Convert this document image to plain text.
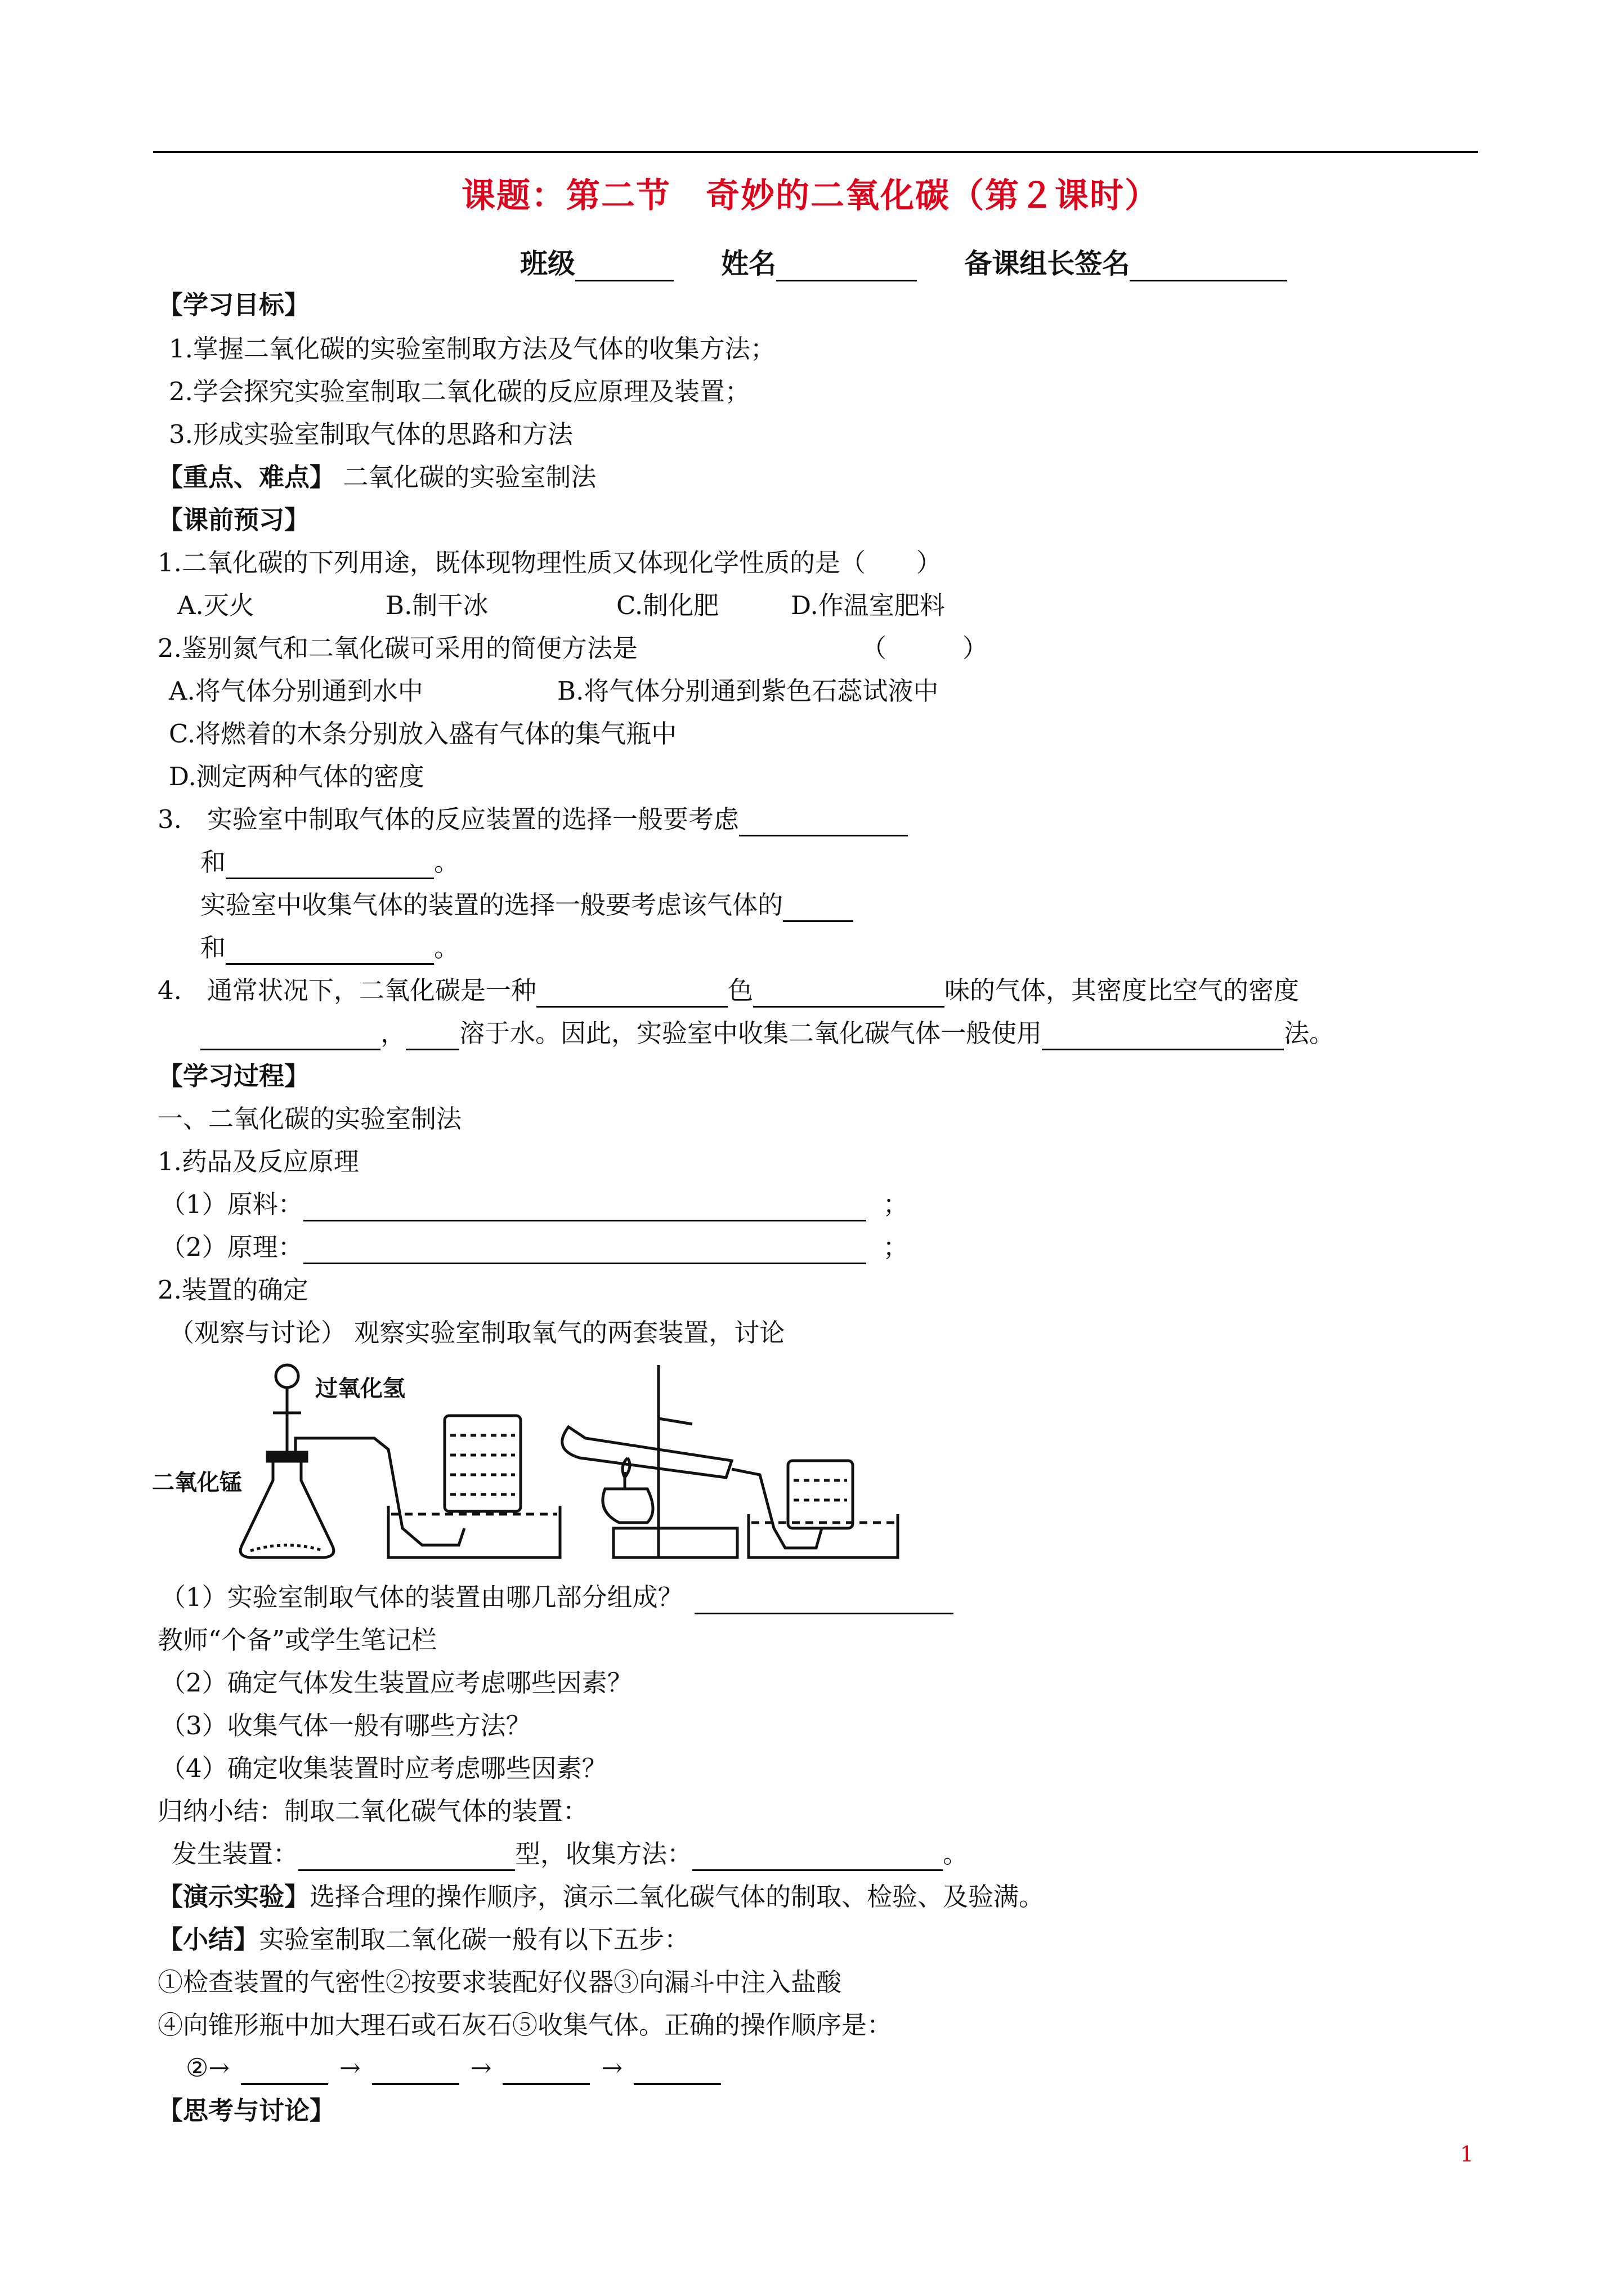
课题：第二节　奇妙的二氧化碳（第２课时）
班级	姓名	备课组长签名
【学习目标】
1.掌握二氧化碳的实验室制取方法及气体的收集方法；
2.学会探究实验室制取二氧化碳的反应原理及装置；
3.形成实验室制取气体的思路和方法
【重点、难点】 二氧化碳的实验室制法
【课前预习】
1.二氧化碳的下列用途，既体现物理性质又体现化学性质的是（　　）
A.灭火	B.制干冰	C.制化肥	D.作温室肥料
2.鉴别氮气和二氧化碳可采用的简便方法是	（　　　）
A.将气体分别通到水中	B.将气体分别通到紫色石蕊试液中
C.将燃着的木条分别放入盛有气体的集气瓶中
D.测定两种气体的密度
3.　实验室中制取气体的反应装置的选择一般要考虑
和	。
实验室中收集气体的装置的选择一般要考虑该气体的
和	。
4.　通常状况下，二氧化碳是一种	色	味的气体，其密度比空气的密度
， 溶于水。因此，实验室中收集二氧化碳气体一般使用	法。
【学习过程】
一、二氧化碳的实验室制法
1.药品及反应原理
（1）原料：	；
（2）原理：	；
2.装置的确定
（观察与讨论） 观察实验室制取氧气的两套装置，讨论
过氧化氢
二氧化锰
（1）实验室制取气体的装置由哪几部分组成？
教师“个备”或学生笔记栏
（2）确定气体发生装置应考虑哪些因素？
（3）收集气体一般有哪些方法？
（4）确定收集装置时应考虑哪些因素？
归纳小结：制取二氧化碳气体的装置：
发生装置：	型，收集方法：	。
【演示实验】选择合理的操作顺序，演示二氧化碳气体的制取、检验、及验满。
【小结】实验室制取二氧化碳一般有以下五步：
①检查装置的气密性②按要求装配好仪器③向漏斗中注入盐酸
④向锥形瓶中加大理石或石灰石⑤收集气体。正确的操作顺序是：
②→	→	→	→
【思考与讨论】
1
